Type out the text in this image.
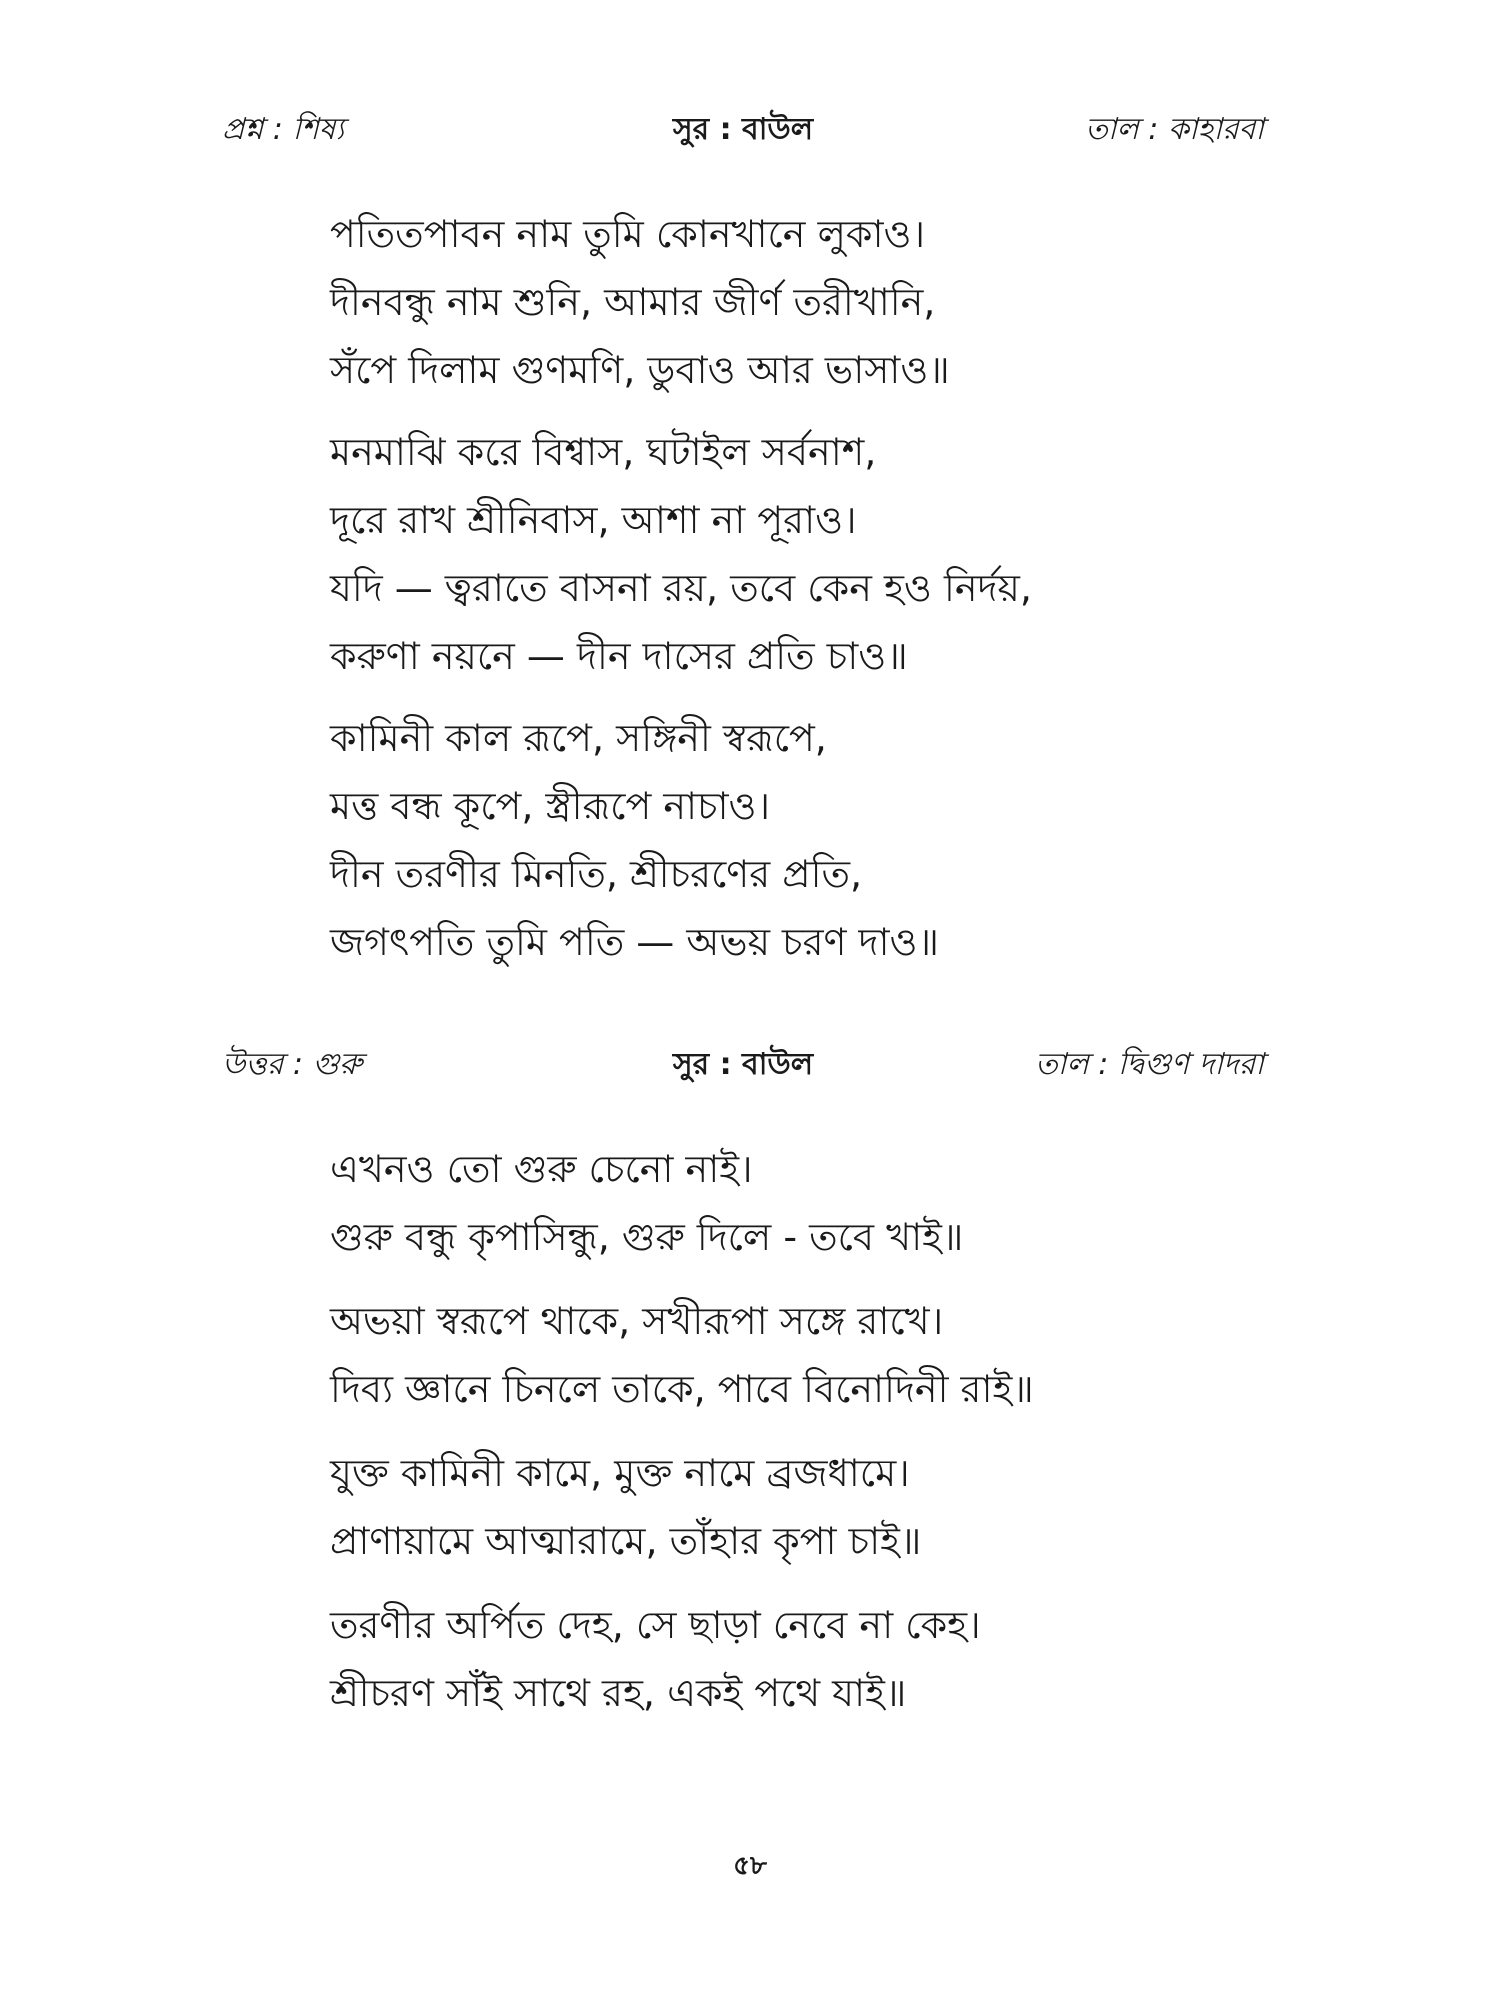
প্রশ্ন : শিষ্য	সুর : বাউল	তাল : কাহারবা
পতিতপাবন নাম তুমি কোনখানে লুকাও।
দীনবন্ধু নাম শুনি, আমার জীর্ণ তরীখানি,
সঁপে দিলাম গুণমণি, ডুবাও আর ভাসাও॥
মনমাঝি করে বিশ্বাস, ঘটাইল সর্বনাশ,
দূরে রাখ শ্রীনিবাস, আশা না পূরাও।
যদি — ত্বরাতে বাসনা রয়, তবে কেন হও নির্দয়,
করুণা নয়নে — দীন দাসের প্রতি চাও॥
কামিনী কাল রূপে, সঙ্গিনী স্বরূপে,
মত্ত বন্ধ কূপে, স্ত্রীরূপে নাচাও।
দীন তরণীর মিনতি, শ্রীচরণের প্রতি,
জগৎপতি তুমি পতি — অভয় চরণ দাও॥
উত্তর : গুরু	সুর : বাউল	তাল : দ্বিগুণ দাদরা
এখনও তো গুরু চেনো নাই।
গুরু বন্ধু কৃপাসিন্ধু, গুরু দিলে - তবে খাই॥
অভয়া স্বরূপে থাকে, সখীরূপা সঙ্গে রাখে।
দিব্য জ্ঞানে চিনলে তাকে, পাবে বিনোদিনী রাই॥
যুক্ত কামিনী কামে, মুক্ত নামে ব্রজধামে।
প্রাণায়ামে আত্মারামে, তাঁহার কৃপা চাই॥
তরণীর অর্পিত দেহ, সে ছাড়া নেবে না কেহ।
শ্রীচরণ সাঁই সাথে রহ, একই পথে যাই॥
৫৮
